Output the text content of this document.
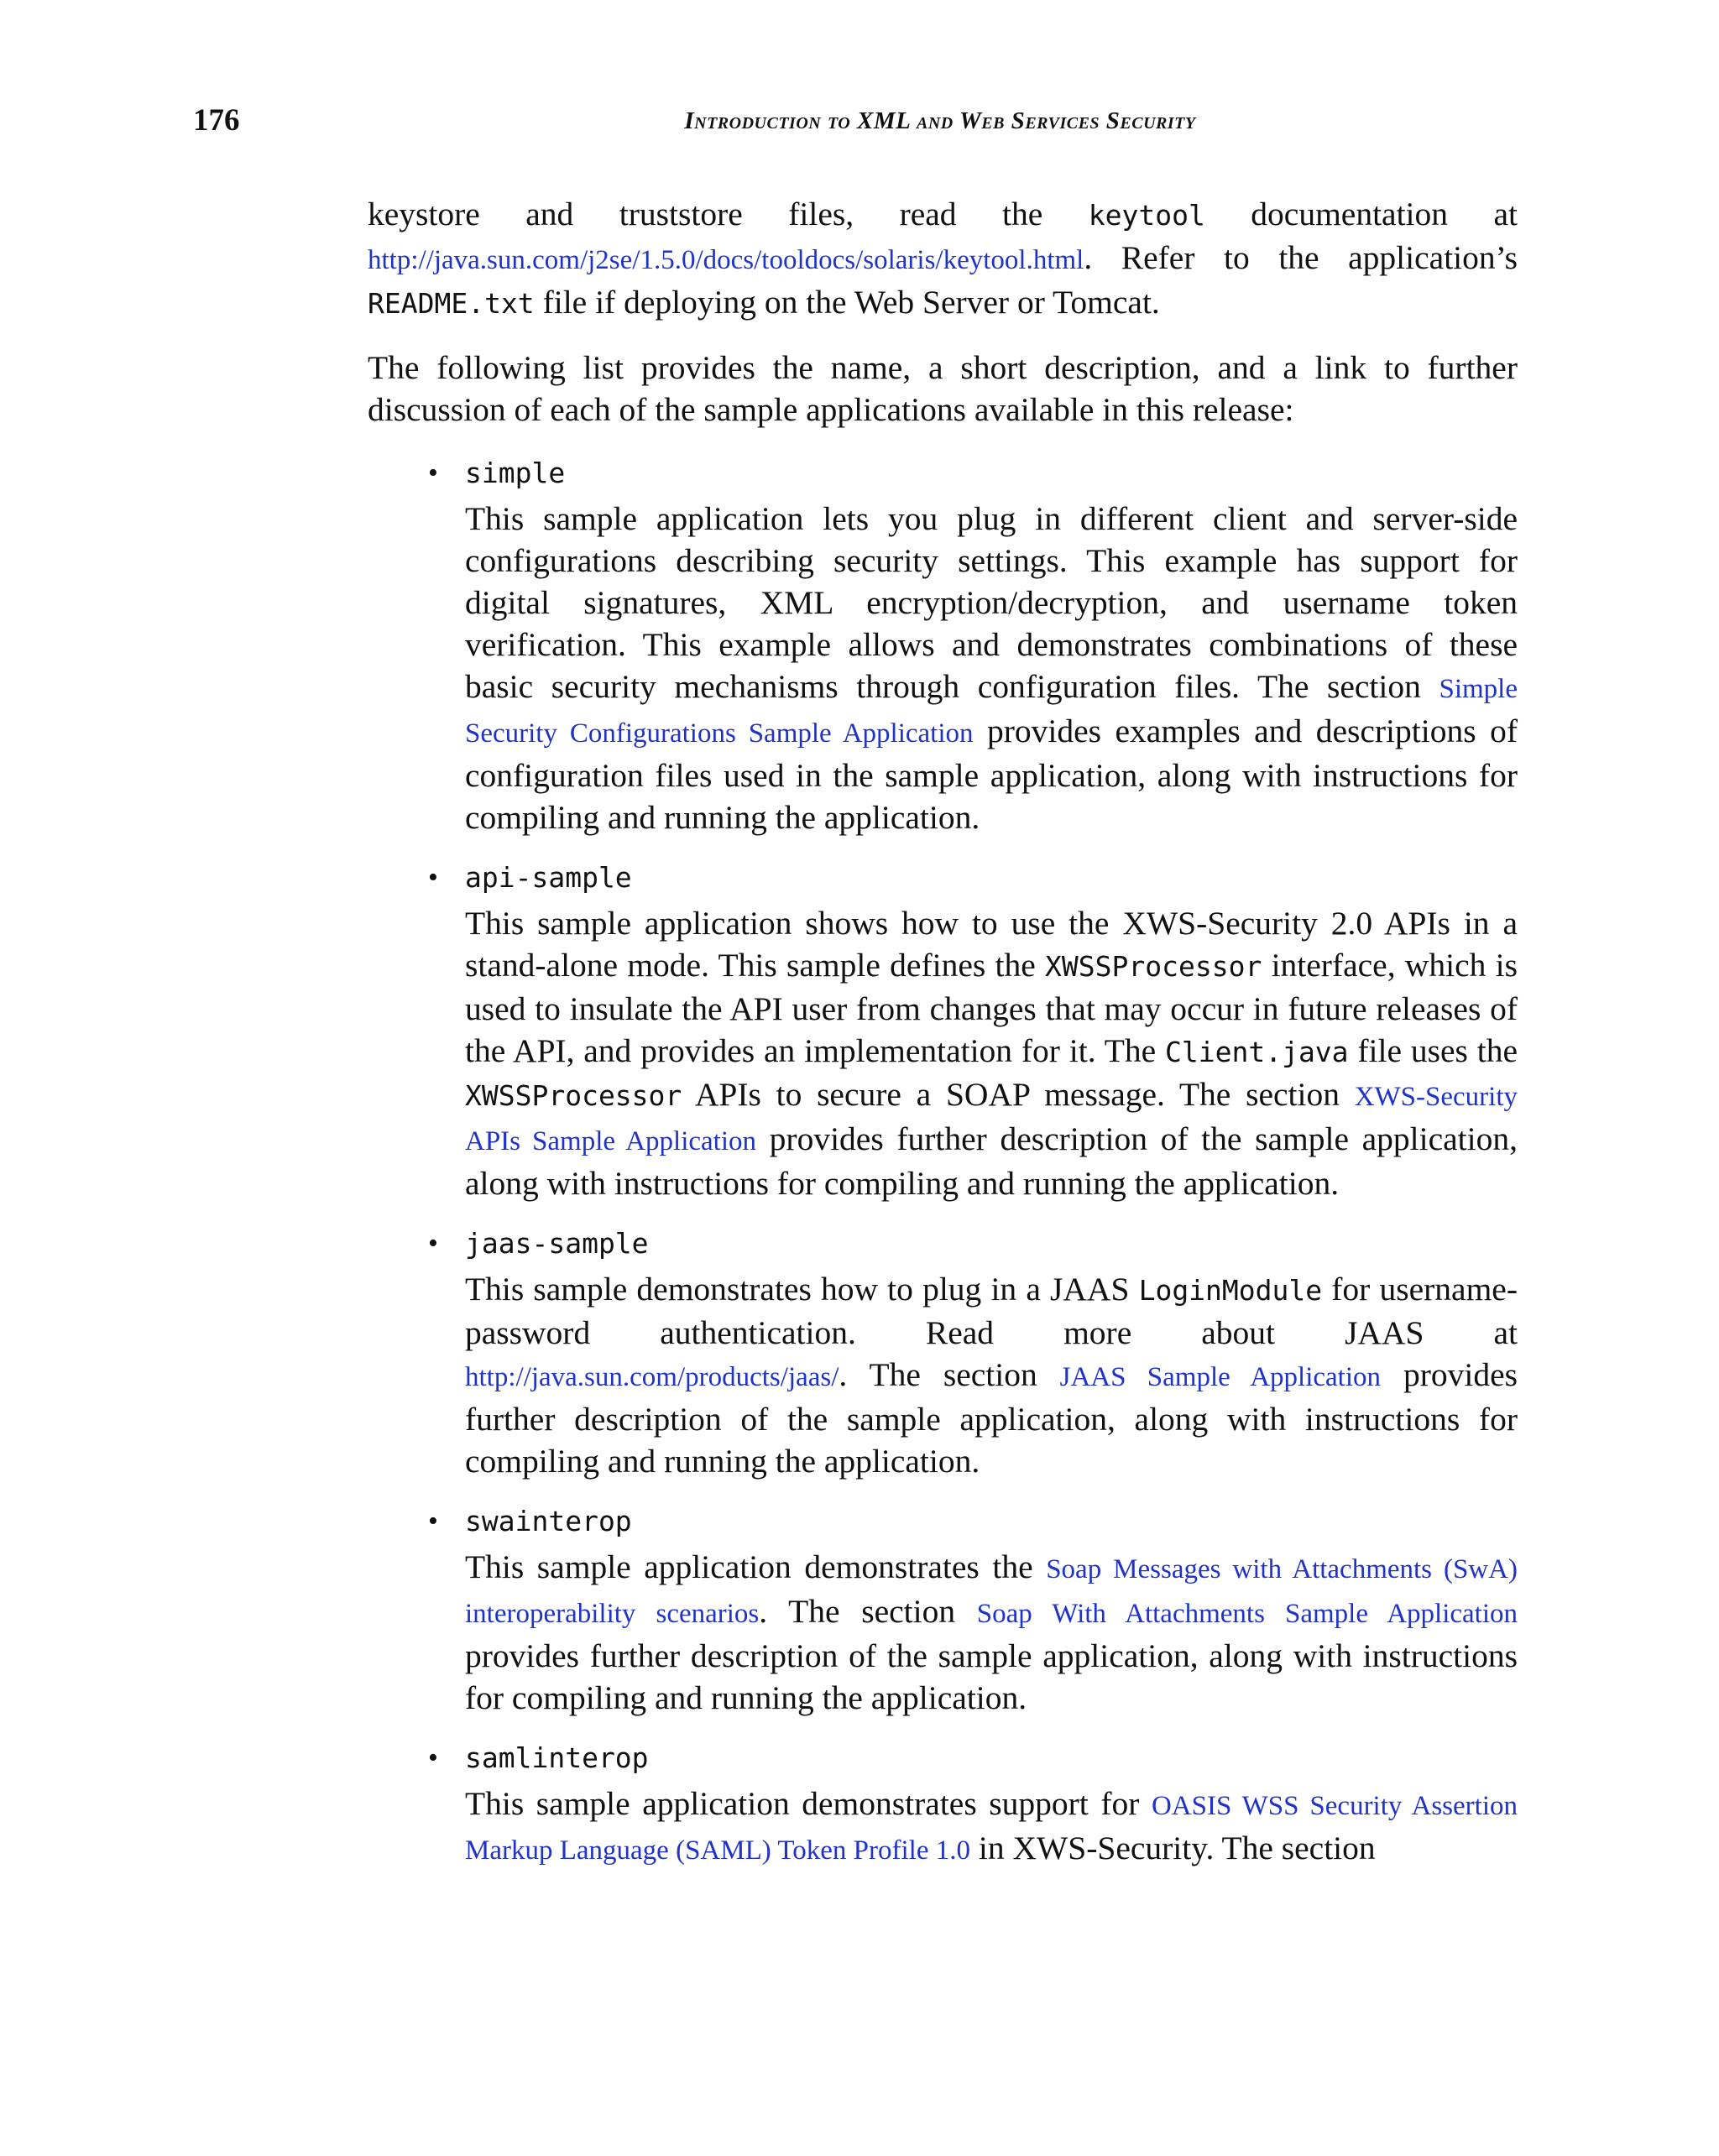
176	Introduction to XML and Web Services Security

keystore and truststore files, read the keytool documentation at http://java.sun.com/j2se/1.5.0/docs/tooldocs/solaris/keytool.html. Refer to the application’s README.txt file if deploying on the Web Server or Tomcat.

The following list provides the name, a short description, and a link to further discussion of each of the sample applications available in this release:

• simple

This sample application lets you plug in different client and server-side configurations describing security settings. This example has support for digital signatures, XML encryption/decryption, and username token verification. This example allows and demonstrates combinations of these basic security mechanisms through configuration files. The section Simple Security Configurations Sample Application provides examples and descriptions of configuration files used in the sample application, along with instructions for compiling and running the application.

• api-sample

This sample application shows how to use the XWS-Security 2.0 APIs in a stand-alone mode. This sample defines the XWSSProcessor interface, which is used to insulate the API user from changes that may occur in future releases of the API, and provides an implementation for it. The Client.java file uses the XWSSProcessor APIs to secure a SOAP message. The section XWS-Security APIs Sample Application provides further description of the sample application, along with instructions for compiling and running the application.

• jaas-sample

This sample demonstrates how to plug in a JAAS LoginModule for username-password authentication. Read more about JAAS at http://java.sun.com/products/jaas/. The section JAAS Sample Application provides further description of the sample application, along with instructions for compiling and running the application.

• swainterop

This sample application demonstrates the Soap Messages with Attachments (SwA) interoperability scenarios. The section Soap With Attachments Sample Application provides further description of the sample application, along with instructions for compiling and running the application.

• samlinterop

This sample application demonstrates support for OASIS WSS Security Assertion Markup Language (SAML) Token Profile 1.0 in XWS-Security. The section
